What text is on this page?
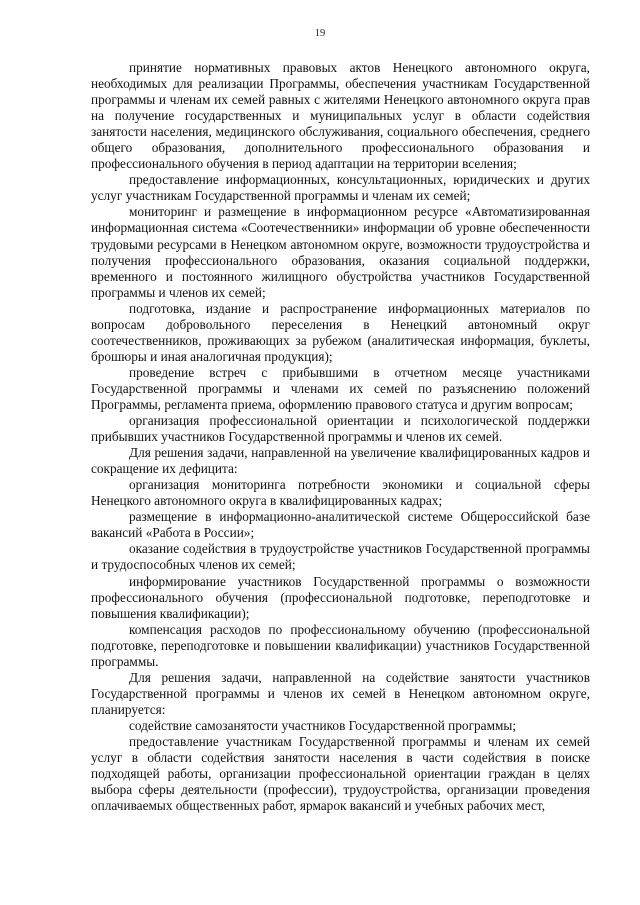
19

принятие нормативных правовых актов Ненецкого автономного округа, необходимых для реализации Программы, обеспечения участникам Государственной программы и членам их семей равных с жителями Ненецкого автономного округа прав на получение государственных и муниципальных услуг в области содействия занятости населения, медицинского обслуживания, социального обеспечения, среднего общего образования, дополнительного профессионального образования и профессионального обучения в период адаптации на территории вселения;

предоставление информационных, консультационных, юридических и других услуг участникам Государственной программы и членам их семей;

мониторинг и размещение в информационном ресурсе «Автоматизированная информационная система «Соотечественники» информации об уровне обеспеченности трудовыми ресурсами в Ненецком автономном округе, возможности трудоустройства и получения профессионального образования, оказания социальной поддержки, временного и постоянного жилищного обустройства участников Государственной программы и членов их семей;

подготовка, издание и распространение информационных материалов по вопросам добровольного переселения в Ненецкий автономный округ соотечественников, проживающих за рубежом (аналитическая информация, буклеты, брошюры и иная аналогичная продукция);

проведение встреч с прибывшими в отчетном месяце участниками Государственной программы и членами их семей по разъяснению положений Программы, регламента приема, оформлению правового статуса и другим вопросам;

организация профессиональной ориентации и психологической поддержки прибывших участников Государственной программы и членов их семей.

Для решения задачи, направленной на увеличение квалифицированных кадров и сокращение их дефицита:

организация мониторинга потребности экономики и социальной сферы Ненецкого автономного округа в квалифицированных кадрах;

размещение в информационно-аналитической системе Общероссийской базе вакансий «Работа в России»;

оказание содействия в трудоустройстве участников Государственной программы и трудоспособных членов их семей;

информирование участников Государственной программы о возможности профессионального обучения (профессиональной подготовке, переподготовке и повышения квалификации);

компенсация расходов по профессиональному обучению (профессиональной подготовке, переподготовке и повышении квалификации) участников Государственной программы.

Для решения задачи, направленной на содействие занятости участников Государственной программы и членов их семей в Ненецком автономном округе, планируется:

содействие самозанятости участников Государственной программы;

предоставление участникам Государственной программы и членам их семей услуг в области содействия занятости населения в части содействия в поиске подходящей работы, организации профессиональной ориентации граждан в целях выбора сферы деятельности (профессии), трудоустройства, организации проведения оплачиваемых общественных работ, ярмарок вакансий и учебных рабочих мест,
